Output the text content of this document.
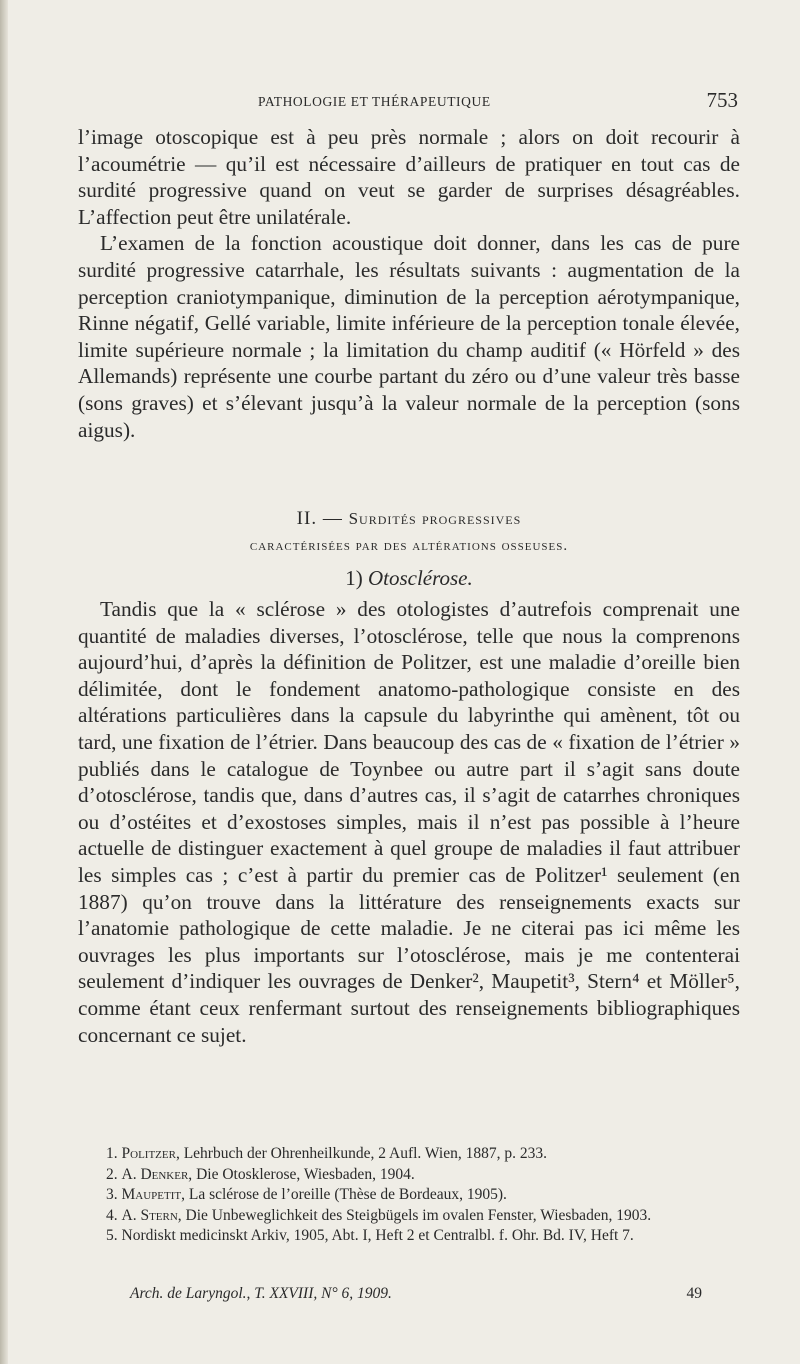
PATHOLOGIE ET THÉRAPEUTIQUE	753

l’image otoscopique est à peu près normale ; alors on doit recourir à l’acoumétrie — qu’il est nécessaire d’ailleurs de pratiquer en tout cas de surdité progressive quand on veut se garder de surprises désagréables. L’affection peut être unilatérale.

L’examen de la fonction acoustique doit donner, dans les cas de pure surdité progressive catarrhale, les résultats suivants : augmentation de la perception craniotympanique, diminution de la perception aérotympanique, Rinne négatif, Gellé variable, limite inférieure de la perception tonale élevée, limite supérieure normale ; la limitation du champ auditif (« Hörfeld » des Allemands) représente une courbe partant du zéro ou d’une valeur très basse (sons graves) et s’élevant jusqu’à la valeur normale de la perception (sons aigus).

II. — Surdités progressives
caractérisées par des altérations osseuses.
1) Otosclérose.

Tandis que la « sclérose » des otologistes d’autrefois comprenait une quantité de maladies diverses, l’otosclérose, telle que nous la comprenons aujourd’hui, d’après la définition de Politzer, est une maladie d’oreille bien délimitée, dont le fondement anatomo-pathologique consiste en des altérations particulières dans la capsule du labyrinthe qui amènent, tôt ou tard, une fixation de l’étrier. Dans beaucoup des cas de « fixation de l’étrier » publiés dans le catalogue de Toynbee ou autre part il s’agit sans doute d’otosclérose, tandis que, dans d’autres cas, il s’agit de catarrhes chroniques ou d’ostéites et d’exostoses simples, mais il n’est pas possible à l’heure actuelle de distinguer exactement à quel groupe de maladies il faut attribuer les simples cas ; c’est à partir du premier cas de Politzer¹ seulement (en 1887) qu’on trouve dans la littérature des renseignements exacts sur l’anatomie pathologique de cette maladie. Je ne citerai pas ici même les ouvrages les plus importants sur l’otosclérose, mais je me contenterai seulement d’indiquer les ouvrages de Denker², Maupetit³, Stern⁴ et Möller⁵, comme étant ceux renfermant surtout des renseignements bibliographiques concernant ce sujet.

1. Politzer, Lehrbuch der Ohrenheilkunde, 2 Aufl. Wien, 1887, p. 233.

2. A. Denker, Die Otosklerose, Wiesbaden, 1904.

3. Maupetit, La sclérose de l’oreille (Thèse de Bordeaux, 1905).

4. A. Stern, Die Unbeweglichkeit des Steigbügels im ovalen Fenster, Wiesbaden, 1903.

5. Nordiskt medicinskt Arkiv, 1905, Abt. I, Heft 2 et Centralbl. f. Ohr. Bd. IV, Heft 7.

Arch. de Laryngol., T. XXVIII, N° 6, 1909.	49
